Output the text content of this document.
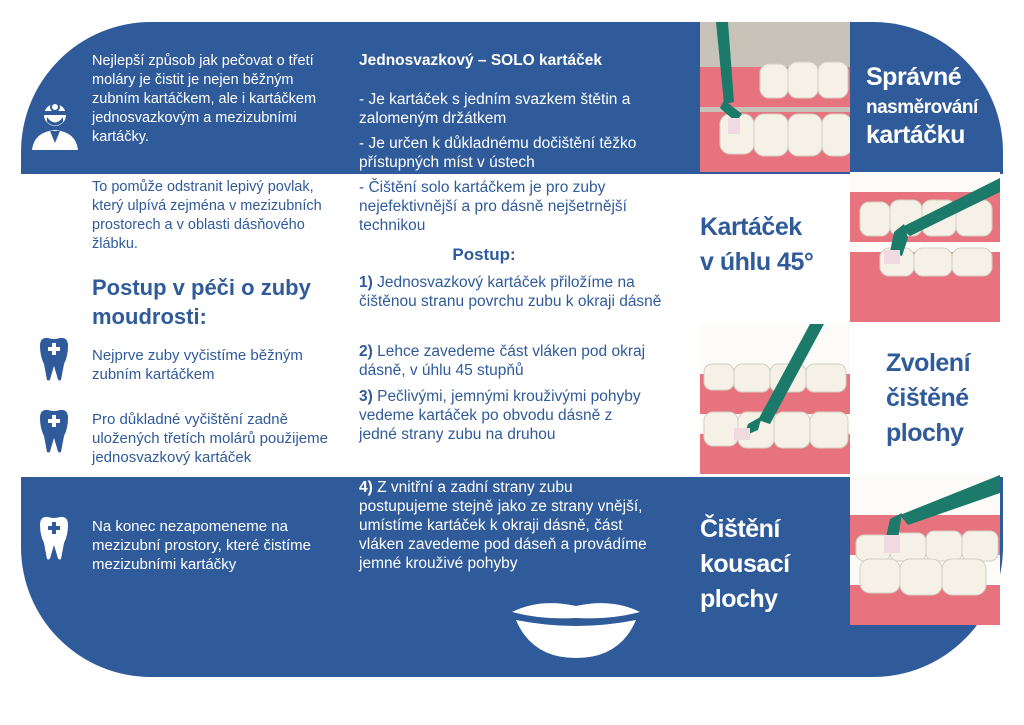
Nejlepší způsob jak pečovat o třetí moláry je čistit je nejen běžným zubním kartáčkem, ale i kartáčkem jednosvazkovým a mezizubními kartáčky.
To pomůže odstranit lepivý povlak, který ulpívá zejména v mezizubních prostorech a v oblasti dásňového žlábku.
Postup v péči o zuby moudrosti:
Nejprve zuby vyčistíme běžným zubním kartáčkem
Pro důkladné vyčištění zadně uložených třetích molárů použijeme jednosvazkový kartáček
Na konec nezapomeneme na mezizubní prostory, které čistíme mezizubními kartáčky
Jednosvazkový – SOLO kartáček
- Je kartáček s jedním svazkem štětin a zalomeným držátkem
- Je určen k důkladnému dočištění těžko přístupných míst v ústech
- Čištění solo kartáčkem je pro zuby nejefektivnější a pro dásně nejšetrnější technikou
Postup:
1) Jednosvazkový kartáček přiložíme na čištěnou stranu povrchu zubu k okraji dásně
2) Lehce zavedeme část vláken pod okraj dásně, v úhlu 45 stupňů
3) Pečlivými, jemnými krouživými pohyby vedeme kartáček po obvodu dásně z jedné strany zubu na druhou
4) Z vnitřní a zadní strany zubu postupujeme stejně jako ze strany vnější, umístíme kartáček k okraji dásně, část vláken zavedeme pod dáseň a provádíme jemné krouživé pohyby
Správné
nasměrování
kartáčku
Kartáček
v úhlu 45°
Zvolení
čištěné
plochy
Čištění
kousací
plochy
